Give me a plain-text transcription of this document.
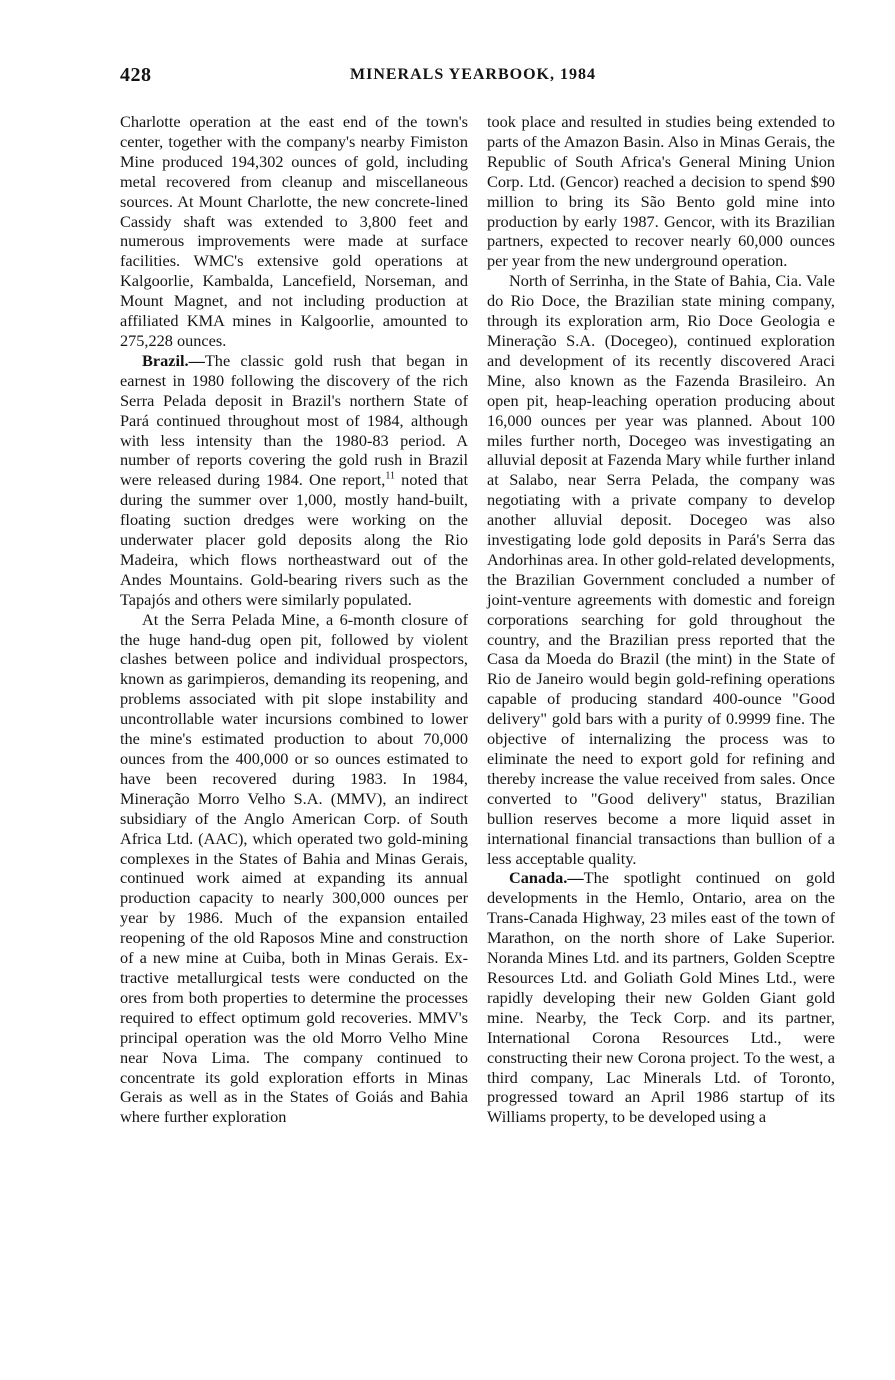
428	MINERALS YEARBOOK, 1984

Charlotte operation at the east end of the town's center, together with the company's nearby Fimiston Mine produced 194,302 ounces of gold, including metal recovered from cleanup and miscellaneous sources. At Mount Charlotte, the new concrete-lined Cassidy shaft was extended to 3,800 feet and numerous improvements were made at surface facilities. WMC's extensive gold operations at Kalgoorlie, Kambalda, Lancefield, Norseman, and Mount Magnet, and not including production at affiliated KMA mines in Kalgoorlie, amounted to 275,228 ounces.

Brazil.—The classic gold rush that began in earnest in 1980 following the discovery of the rich Serra Pelada deposit in Brazil's northern State of Pará continued throughout most of 1984, although with less intensity than the 1980-83 period. A number of reports covering the gold rush in Brazil were released during 1984. One report,$^{11}$ noted that during the summer over 1,000, mostly hand-built, floating suction dredges were working on the underwater placer gold deposits along the Rio Madeira, which flows northeastward out of the Andes Mountains. Gold-bearing rivers such as the Tapajós and others were similarly populated.

At the Serra Pelada Mine, a 6-month closure of the huge hand-dug open pit, followed by violent clashes between police and individual prospectors, known as garimpieros, demanding its reopening, and problems associated with pit slope instability and uncontrollable water incursions combined to lower the mine's estimated production to about 70,000 ounces from the 400,000 or so ounces estimated to have been recovered during 1983. In 1984, Mineração Morro Velho S.A. (MMV), an indirect subsidiary of the Anglo American Corp. of South Africa Ltd. (AAC), which operated two gold-mining complexes in the States of Bahia and Minas Gerais, continued work aimed at expanding its annual production capacity to nearly 300,000 ounces per year by 1986. Much of the expansion entailed reopening of the old Raposos Mine and construction of a new mine at Cuiba, both in Minas Gerais. Extractive metallurgical tests were conducted on the ores from both properties to determine the processes required to effect optimum gold recoveries. MMV's principal operation was the old Morro Velho Mine near Nova Lima. The company continued to concentrate its gold exploration efforts in Minas Gerais as well as in the States of Goiás and Bahia where further exploration

took place and resulted in studies being extended to parts of the Amazon Basin. Also in Minas Gerais, the Republic of South Africa's General Mining Union Corp. Ltd. (Gencor) reached a decision to spend $90 million to bring its São Bento gold mine into production by early 1987. Gencor, with its Brazilian partners, expected to recover nearly 60,000 ounces per year from the new underground operation.

North of Serrinha, in the State of Bahia, Cia. Vale do Rio Doce, the Brazilian state mining company, through its exploration arm, Rio Doce Geologia e Mineração S.A. (Docegeo), continued exploration and development of its recently discovered Araci Mine, also known as the Fazenda Brasileiro. An open pit, heap-leaching operation producing about 16,000 ounces per year was planned. About 100 miles further north, Docegeo was investigating an alluvial deposit at Fazenda Mary while further inland at Salabo, near Serra Pelada, the company was negotiating with a private company to develop another alluvial deposit. Docegeo was also investigating lode gold deposits in Pará's Serra das Andorhinas area. In other gold-related developments, the Brazilian Government concluded a number of joint-venture agreements with domestic and foreign corporations searching for gold throughout the country, and the Brazilian press reported that the Casa da Moeda do Brazil (the mint) in the State of Rio de Janeiro would begin gold-refining operations capable of producing standard 400-ounce "Good delivery" gold bars with a purity of 0.9999 fine. The objective of internalizing the process was to eliminate the need to export gold for refining and thereby increase the value received from sales. Once converted to "Good delivery" status, Brazilian bullion reserves become a more liquid asset in international financial transactions than bullion of a less acceptable quality.

Canada.—The spotlight continued on gold developments in the Hemlo, Ontario, area on the Trans-Canada Highway, 23 miles east of the town of Marathon, on the north shore of Lake Superior. Noranda Mines Ltd. and its partners, Golden Sceptre Resources Ltd. and Goliath Gold Mines Ltd., were rapidly developing their new Golden Giant gold mine. Nearby, the Teck Corp. and its partner, International Corona Resources Ltd., were constructing their new Corona project. To the west, a third company, Lac Minerals Ltd. of Toronto, progressed toward an April 1986 startup of its Williams property, to be developed using a
